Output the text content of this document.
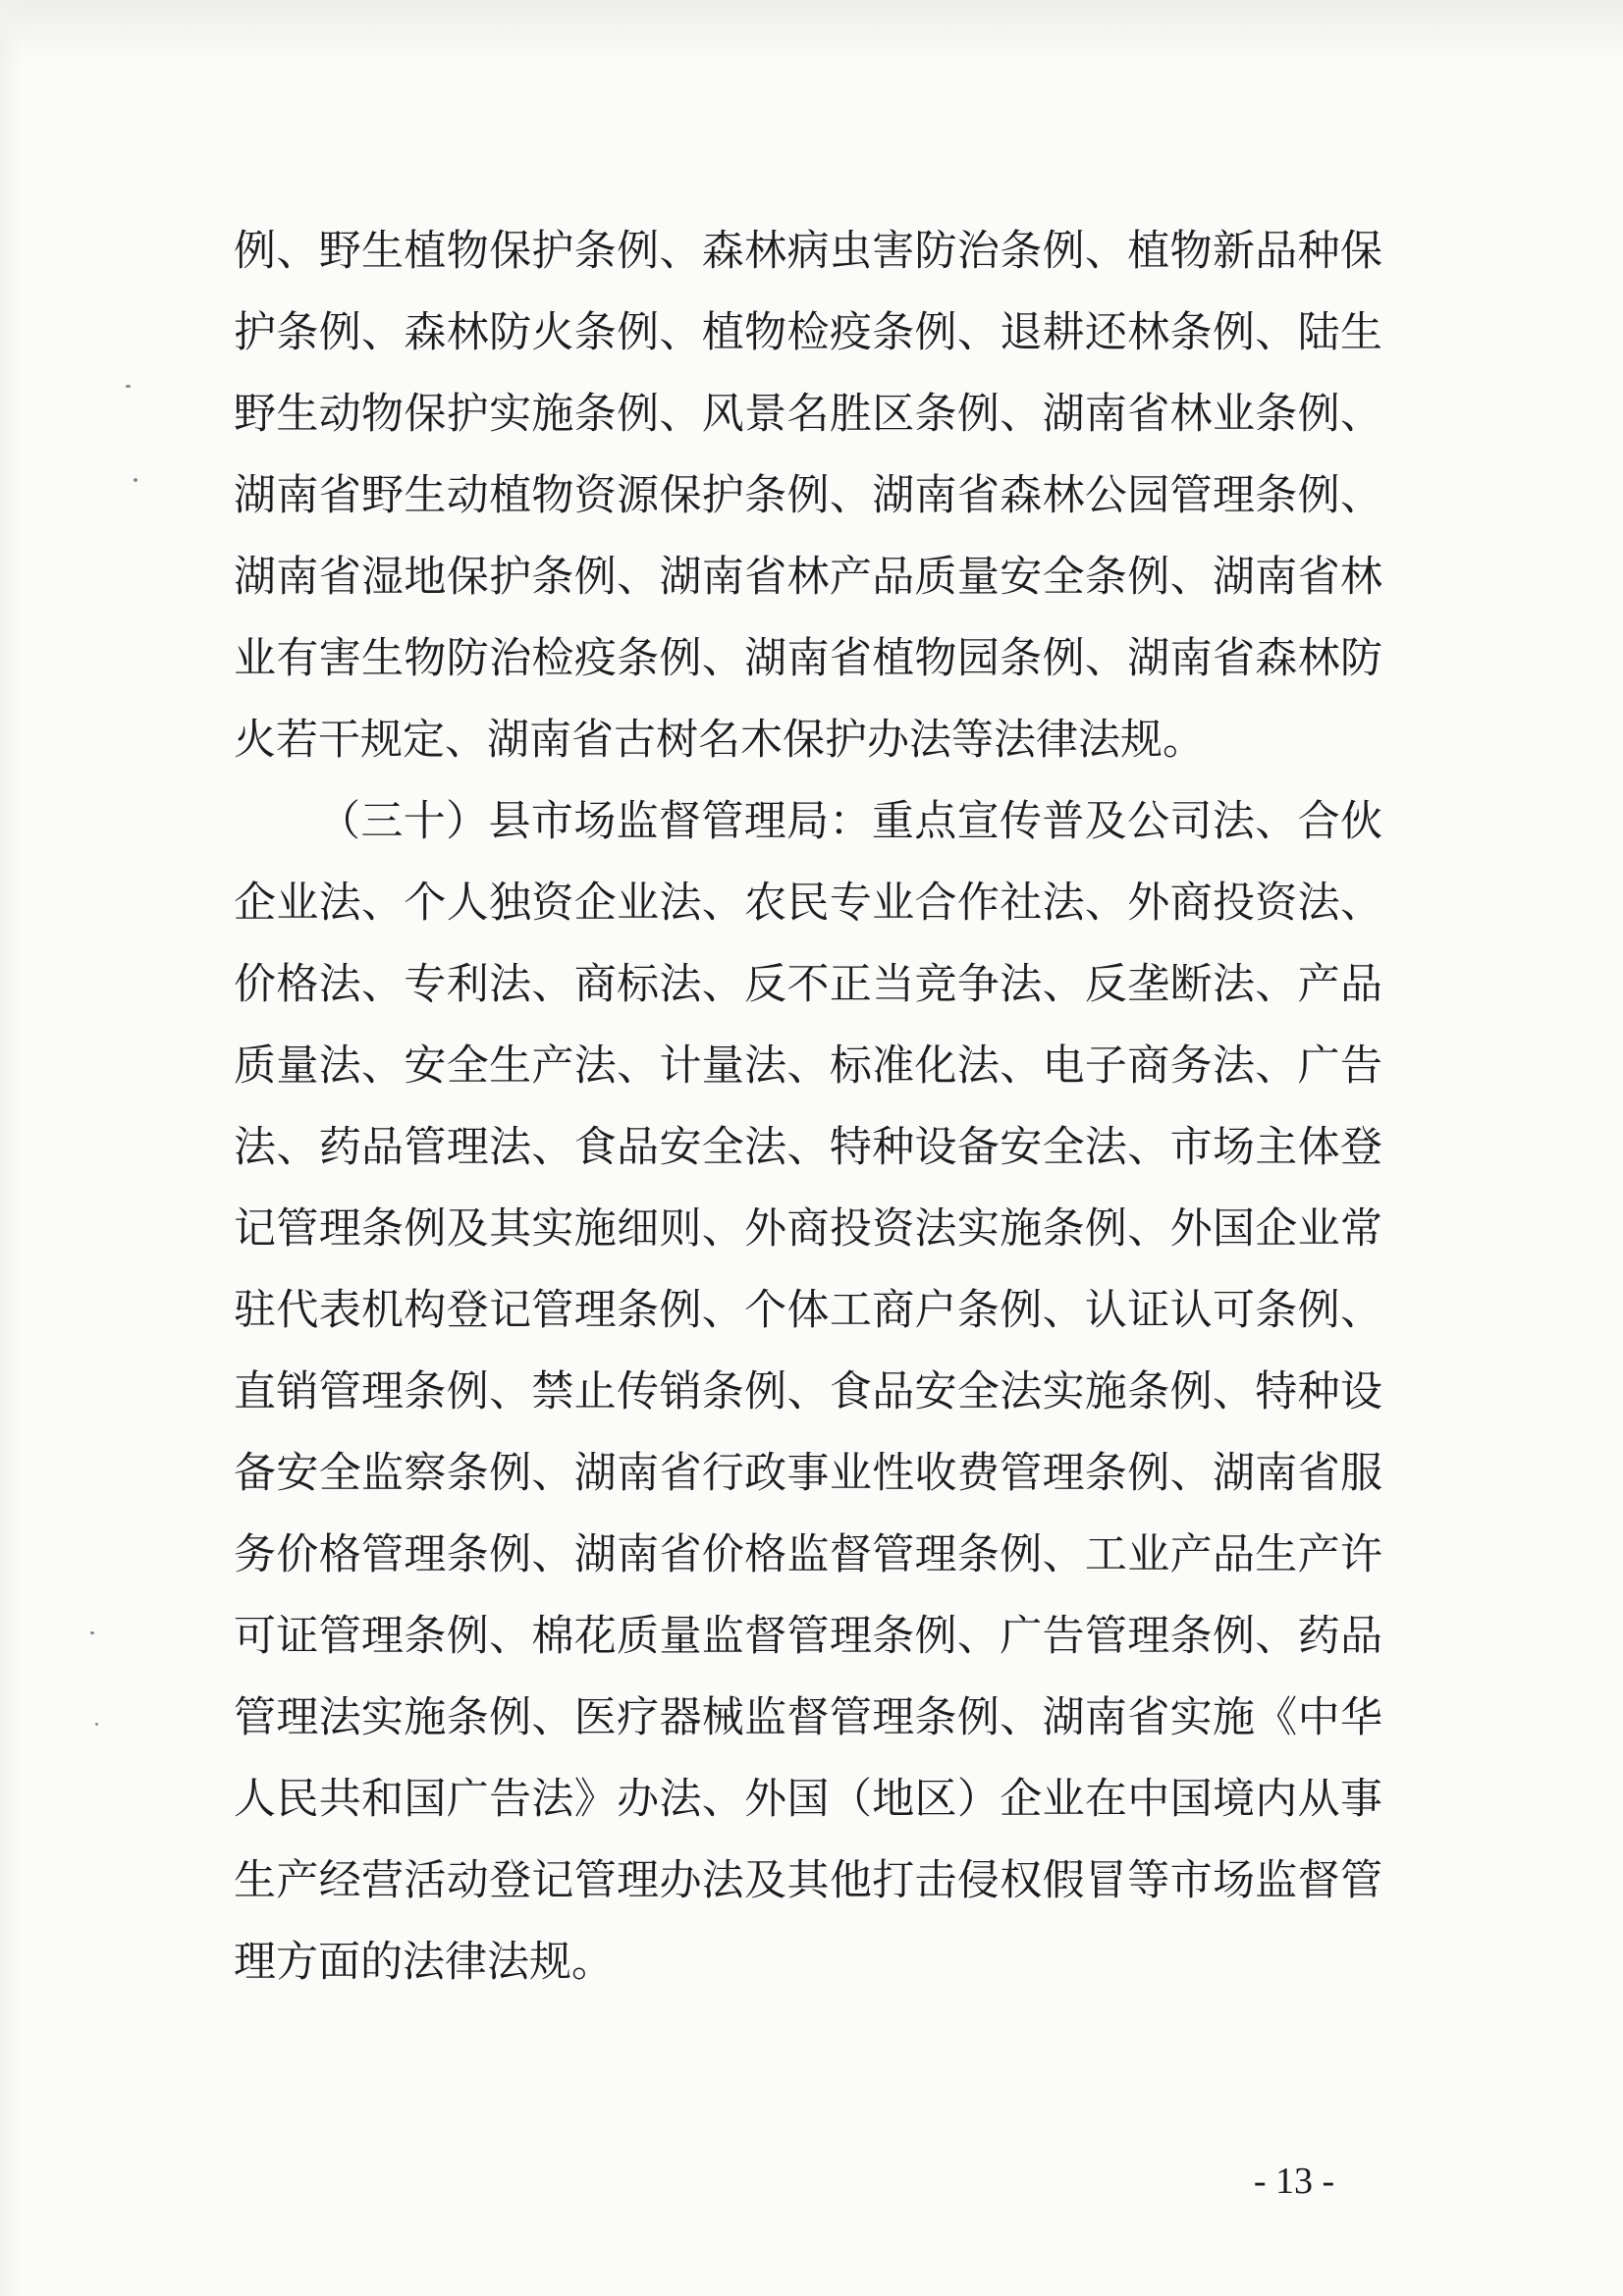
例、野生植物保护条例、森林病虫害防治条例、植物新品种保护条例、森林防火条例、植物检疫条例、退耕还林条例、陆生野生动物保护实施条例、风景名胜区条例、湖南省林业条例、湖南省野生动植物资源保护条例、湖南省森林公园管理条例、湖南省湿地保护条例、湖南省林产品质量安全条例、湖南省林业有害生物防治检疫条例、湖南省植物园条例、湖南省森林防火若干规定、湖南省古树名木保护办法等法律法规。

（三十）县市场监督管理局：重点宣传普及公司法、合伙企业法、个人独资企业法、农民专业合作社法、外商投资法、价格法、专利法、商标法、反不正当竞争法、反垄断法、产品质量法、安全生产法、计量法、标准化法、电子商务法、广告法、药品管理法、食品安全法、特种设备安全法、市场主体登记管理条例及其实施细则、外商投资法实施条例、外国企业常驻代表机构登记管理条例、个体工商户条例、认证认可条例、直销管理条例、禁止传销条例、食品安全法实施条例、特种设备安全监察条例、湖南省行政事业性收费管理条例、湖南省服务价格管理条例、湖南省价格监督管理条例、工业产品生产许可证管理条例、棉花质量监督管理条例、广告管理条例、药品管理法实施条例、医疗器械监督管理条例、湖南省实施《中华人民共和国广告法》办法、外国（地区）企业在中国境内从事生产经营活动登记管理办法及其他打击侵权假冒等市场监督管理方面的法律法规。

- 13 -
